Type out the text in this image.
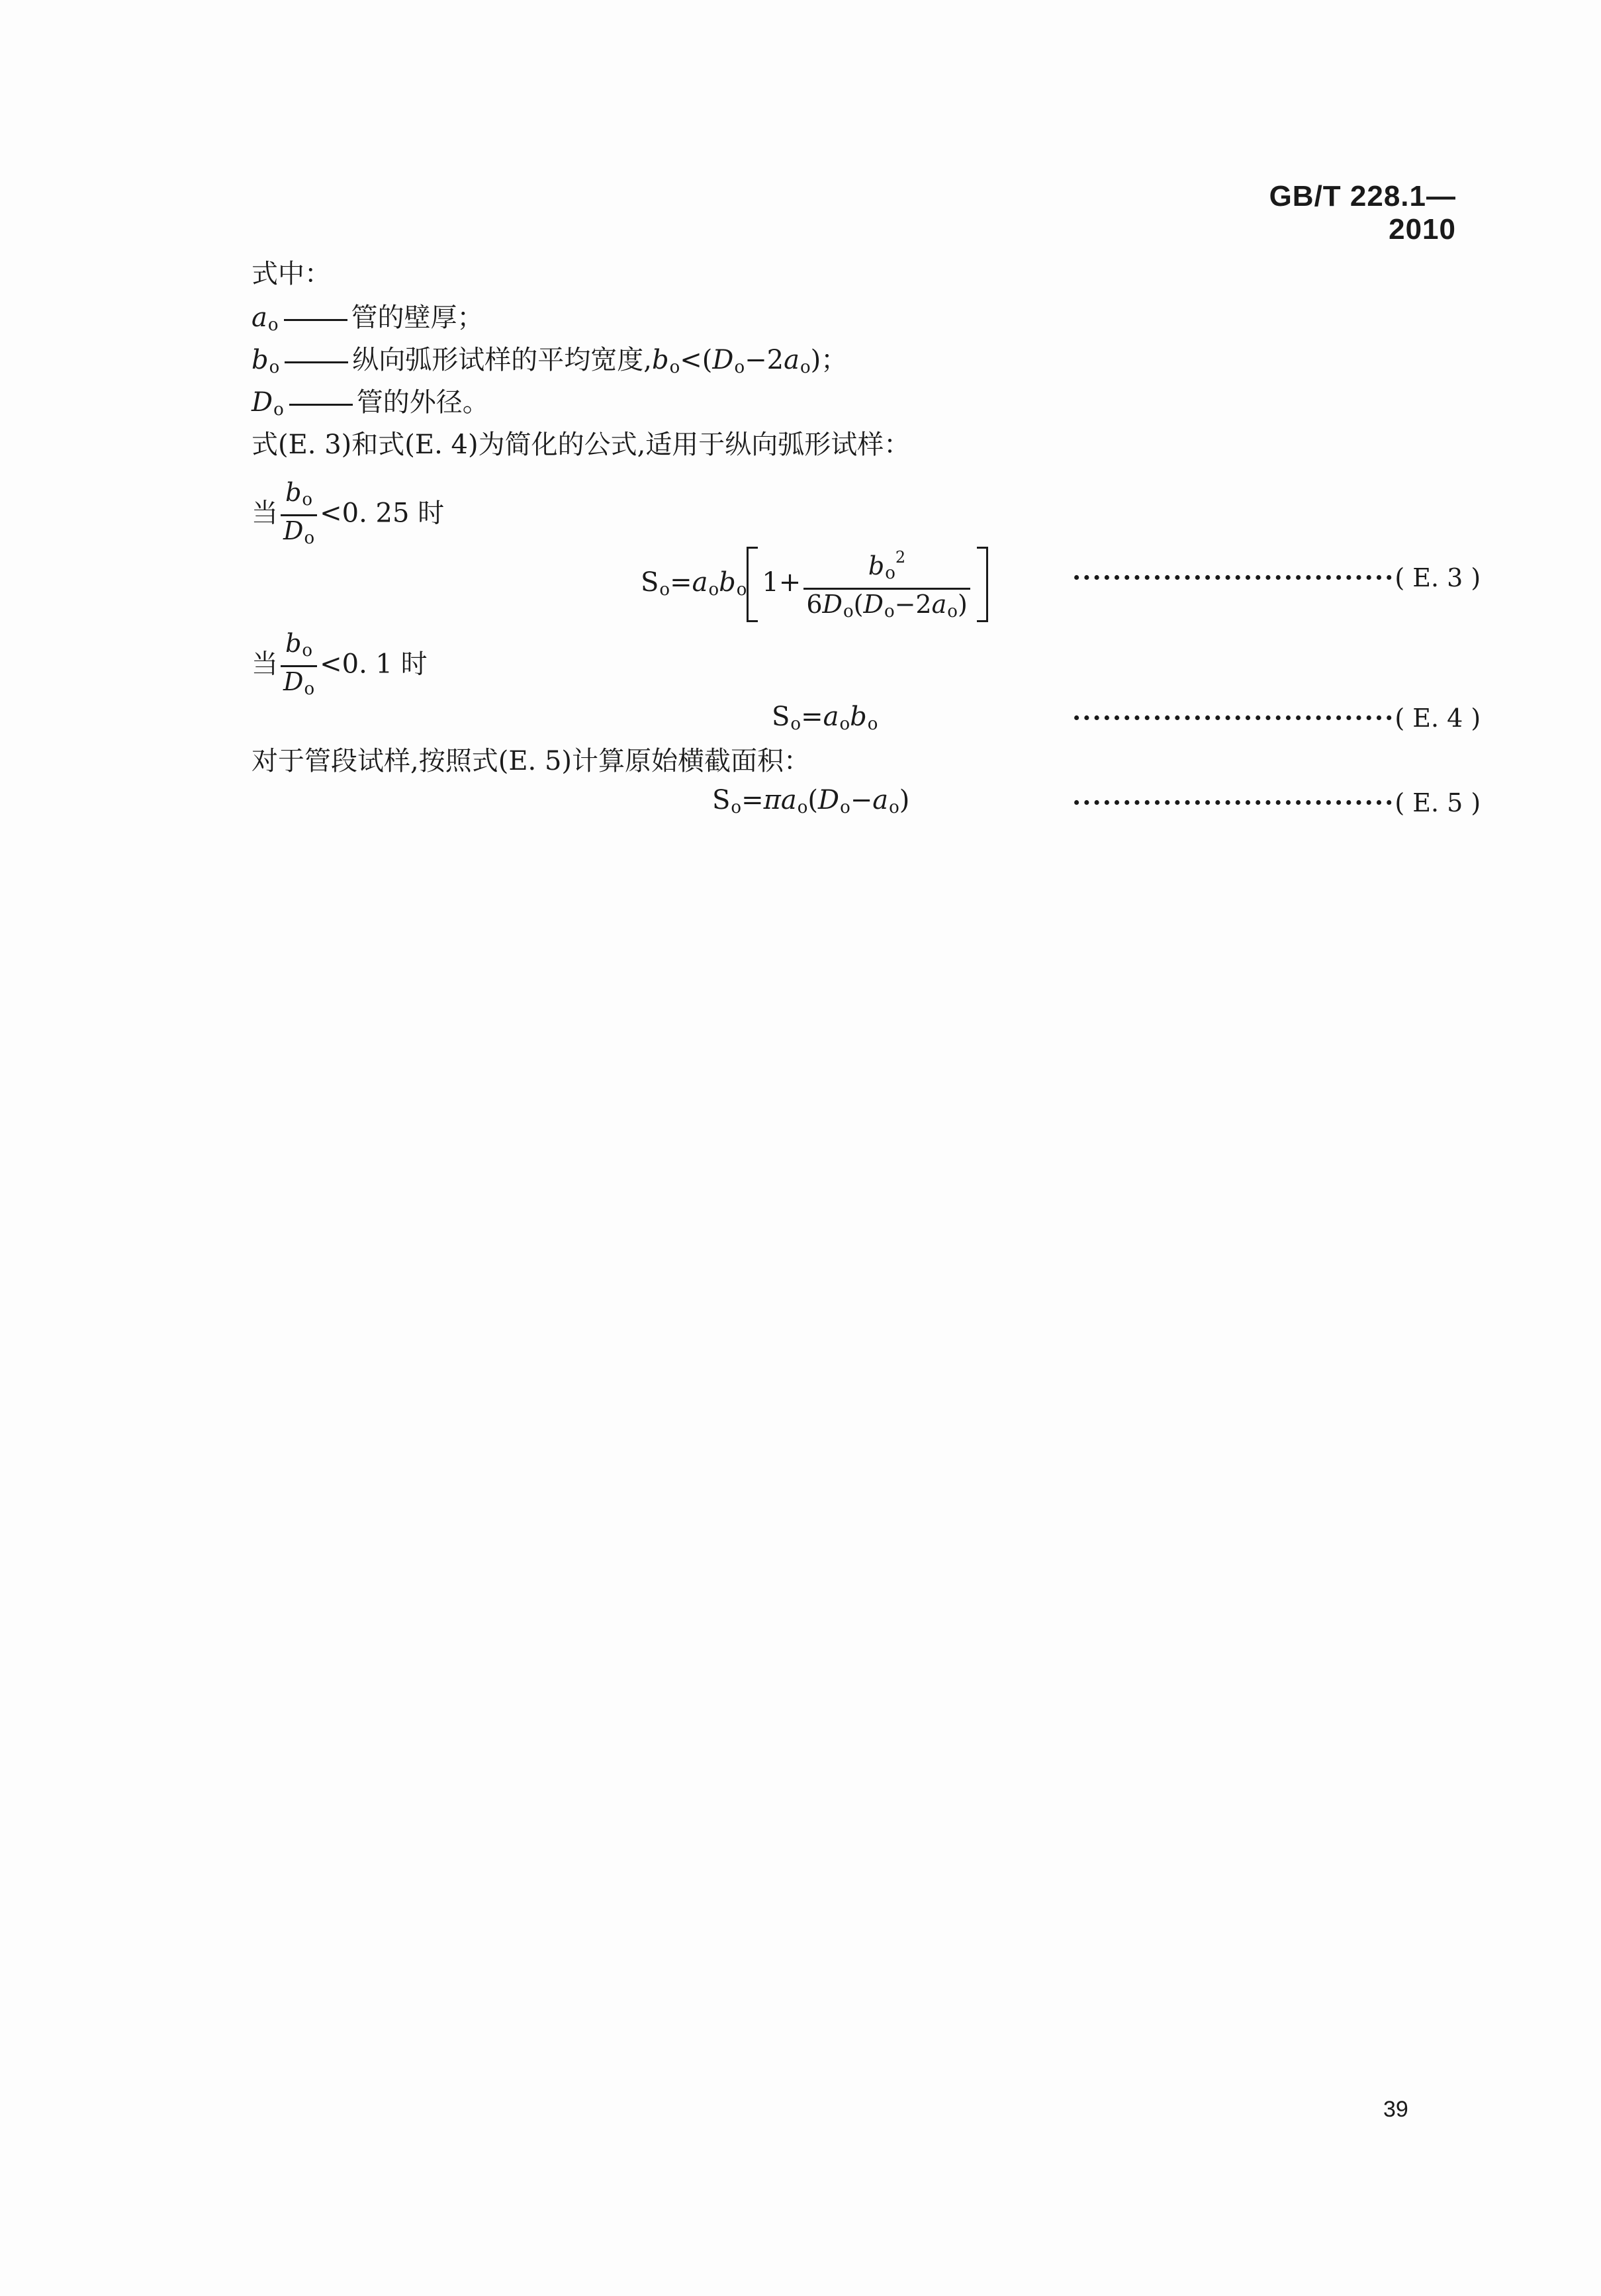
GB/T 228.1—2010
式中：
$a_o$	管的壁厚；
$b_o$	纵向弧形试样的平均宽度$,b_o<(D_o-2a_o)$；
$D_o$	管的外径。
式(E. 3)和式(E. 4)为简化的公式,适用于纵向弧形试样：
当 $\frac{b_o}{D_o} <0$. 25 时
$S_o=a_ob_o$ $1+ \frac{b_o^2}{6D_o(D_o-2a_o)}$	································( E. 3 )
当 $\frac{b_o}{D_o} <0$. 1 时
$S_o=a_ob_o$	································( E. 4 )
对于管段试样,按照式(E. 5)计算原始横截面积：
$S_o=\pi a_o(D_o-a_o)$	································( E. 5 )
39
